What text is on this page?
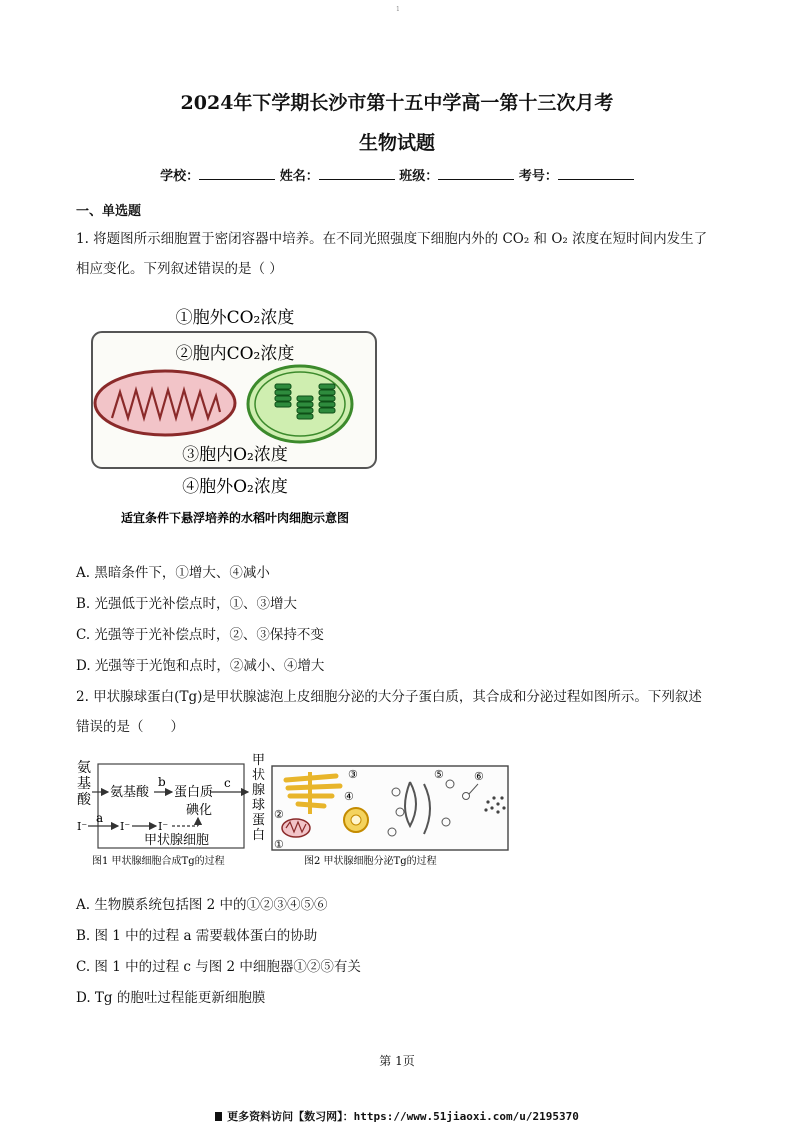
1
2024年下学期长沙市第十五中学高一第十三次月考
生物试题
学校：	姓名：	班级：	考号：
一、单选题
1. 将题图所示细胞置于密闭容器中培养。在不同光照强度下细胞内外的 CO₂ 和 O₂ 浓度在短时间内发生了
相应变化。下列叙述错误的是（ ）
①胞外CO₂浓度
②胞内CO₂浓度
③胞内O₂浓度
④胞外O₂浓度
适宜条件下悬浮培养的水稻叶肉细胞示意图
A. 黑暗条件下，①增大、④减小
B. 光强低于光补偿点时，①、③增大
C. 光强等于光补偿点时，②、③保持不变
D. 光强等于光饱和点时，②减小、④增大
2. 甲状腺球蛋白(Tg)是甲状腺滤泡上皮细胞分泌的大分子蛋白质，其合成和分泌过程如图所示。下列叙述
错误的是（　　）
氨
基
酸 氨基酸
b
蛋白质
碘化
c
I⁻
a
I⁻	I⁻
甲状腺细胞
甲
状
腺
球
蛋
白
图1 甲状腺细胞合成Tg的过程
③
②
①
④
⑤	⑥
图2 甲状腺细胞分泌Tg的过程
A. 生物膜系统包括图 2 中的①②③④⑤⑥
B. 图 1 中的过程 a 需要载体蛋白的协助
C. 图 1 中的过程 c 与图 2 中细胞器①②⑤有关
D. Tg 的胞吐过程能更新细胞膜
第 1页
更多资料访问【数习网】：https://www.51jiaoxi.com/u/2195370
